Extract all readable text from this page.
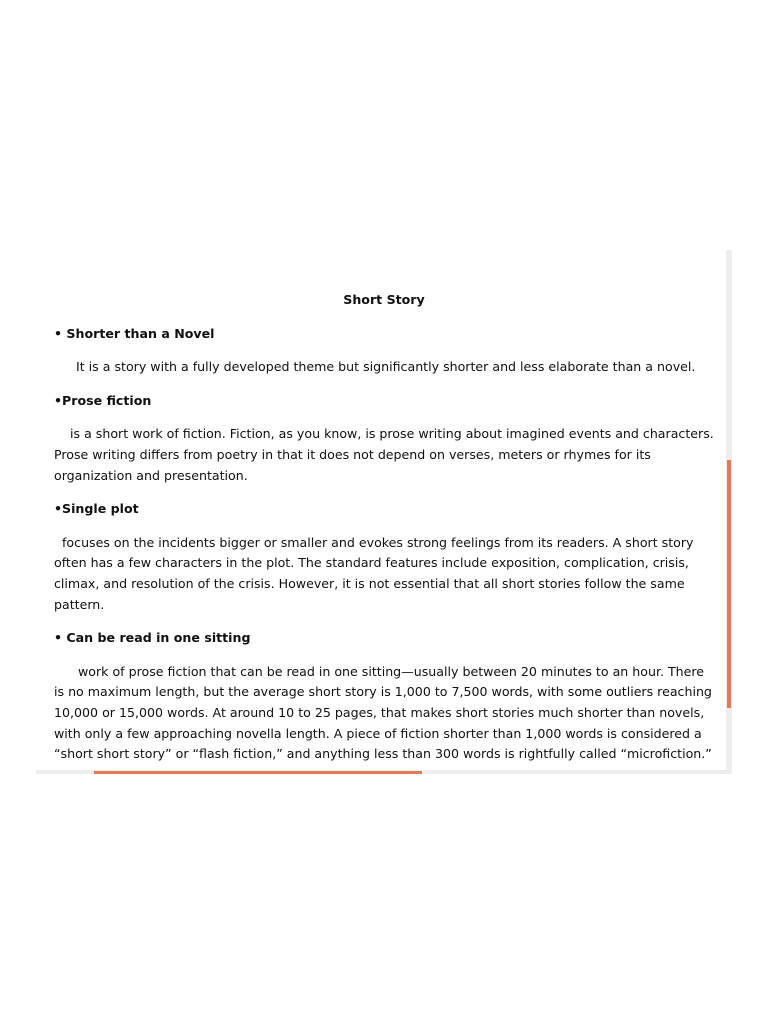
Short Story
• Shorter than a Novel
It is a story with a fully developed theme but significantly shorter and less elaborate than a novel.
•Prose fiction
is a short work of fiction. Fiction, as you know, is prose writing about imagined events and characters. Prose writing differs from poetry in that it does not depend on verses, meters or rhymes for its organization and presentation.
•Single plot
focuses on the incidents bigger or smaller and evokes strong feelings from its readers. A short story often has a few characters in the plot. The standard features include exposition, complication, crisis, climax, and resolution of the crisis. However, it is not essential that all short stories follow the same pattern.
• Can be read in one sitting
work of prose fiction that can be read in one sitting—usually between 20 minutes to an hour. There is no maximum length, but the average short story is 1,000 to 7,500 words, with some outliers reaching 10,000 or 15,000 words. At around 10 to 25 pages, that makes short stories much shorter than novels, with only a few approaching novella length. A piece of fiction shorter than 1,000 words is considered a “short short story” or “flash fiction,” and anything less than 300 words is rightfully called “microfiction.”
